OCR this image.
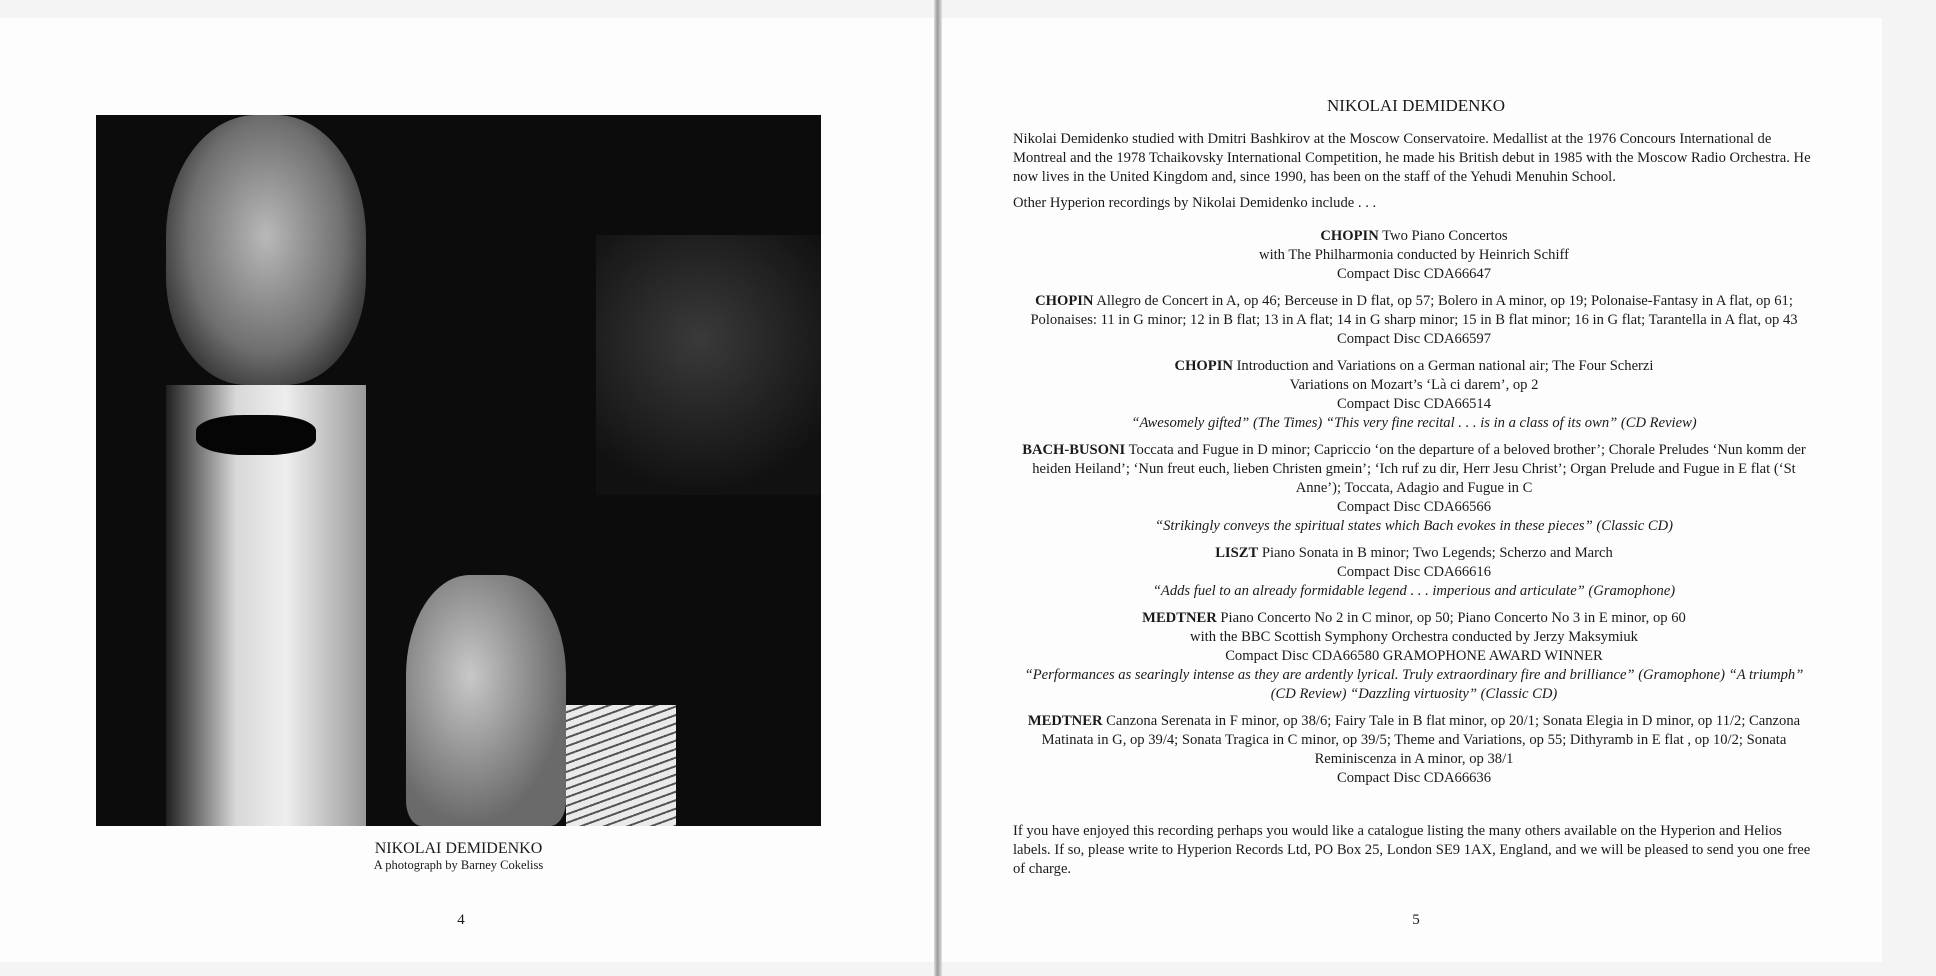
NIKOLAI DEMIDENKO
A photograph by Barney Cokeliss
4
NIKOLAI DEMIDENKO

Nikolai Demidenko studied with Dmitri Bashkirov at the Moscow Conservatoire. Medallist at the 1976 Concours International de Montreal and the 1978 Tchaikovsky International Competition, he made his British debut in 1985 with the Moscow Radio Orchestra. He now lives in the United Kingdom and, since 1990, has been on the staff of the Yehudi Menuhin School.

Other Hyperion recordings by Nikolai Demidenko include . . .

CHOPIN Two Piano Concertos
with The Philharmonia conducted by Heinrich Schiff
Compact Disc CDA66647
CHOPIN Allegro de Concert in A, op 46; Berceuse in D flat, op 57; Bolero in A minor, op 19; Polonaise-Fantasy in A flat, op 61; Polonaises: 11 in G minor; 12 in B flat; 13 in A flat; 14 in G sharp minor; 15 in B flat minor; 16 in G flat; Tarantella in A flat, op 43
Compact Disc CDA66597
CHOPIN Introduction and Variations on a German national air; The Four Scherzi
Variations on Mozart’s ‘Là ci darem’, op 2
Compact Disc CDA66514
“Awesomely gifted” (The Times) “This very fine recital . . . is in a class of its own” (CD Review)
BACH-BUSONI Toccata and Fugue in D minor; Capriccio ‘on the departure of a beloved brother’; Chorale Preludes ‘Nun komm der heiden Heiland’; ‘Nun freut euch, lieben Christen gmein’; ‘Ich ruf zu dir, Herr Jesu Christ’; Organ Prelude and Fugue in E flat (‘St Anne’); Toccata, Adagio and Fugue in C
Compact Disc CDA66566
“Strikingly conveys the spiritual states which Bach evokes in these pieces” (Classic CD)
LISZT Piano Sonata in B minor; Two Legends; Scherzo and March
Compact Disc CDA66616
“Adds fuel to an already formidable legend . . . imperious and articulate” (Gramophone)
MEDTNER Piano Concerto No 2 in C minor, op 50; Piano Concerto No 3 in E minor, op 60
with the BBC Scottish Symphony Orchestra conducted by Jerzy Maksymiuk
Compact Disc CDA66580 GRAMOPHONE AWARD WINNER
“Performances as searingly intense as they are ardently lyrical. Truly extraordinary fire and brilliance” (Gramophone) “A triumph” (CD Review) “Dazzling virtuosity” (Classic CD)
MEDTNER Canzona Serenata in F minor, op 38/6; Fairy Tale in B flat minor, op 20/1; Sonata Elegia in D minor, op 11/2; Canzona Matinata in G, op 39/4; Sonata Tragica in C minor, op 39/5; Theme and Variations, op 55; Dithyramb in E flat , op 10/2; Sonata Reminiscenza in A minor, op 38/1
Compact Disc CDA66636
If you have enjoyed this recording perhaps you would like a catalogue listing the many others available on the Hyperion and Helios labels. If so, please write to Hyperion Records Ltd, PO Box 25, London SE9 1AX, England, and we will be pleased to send you one free of charge.
5
